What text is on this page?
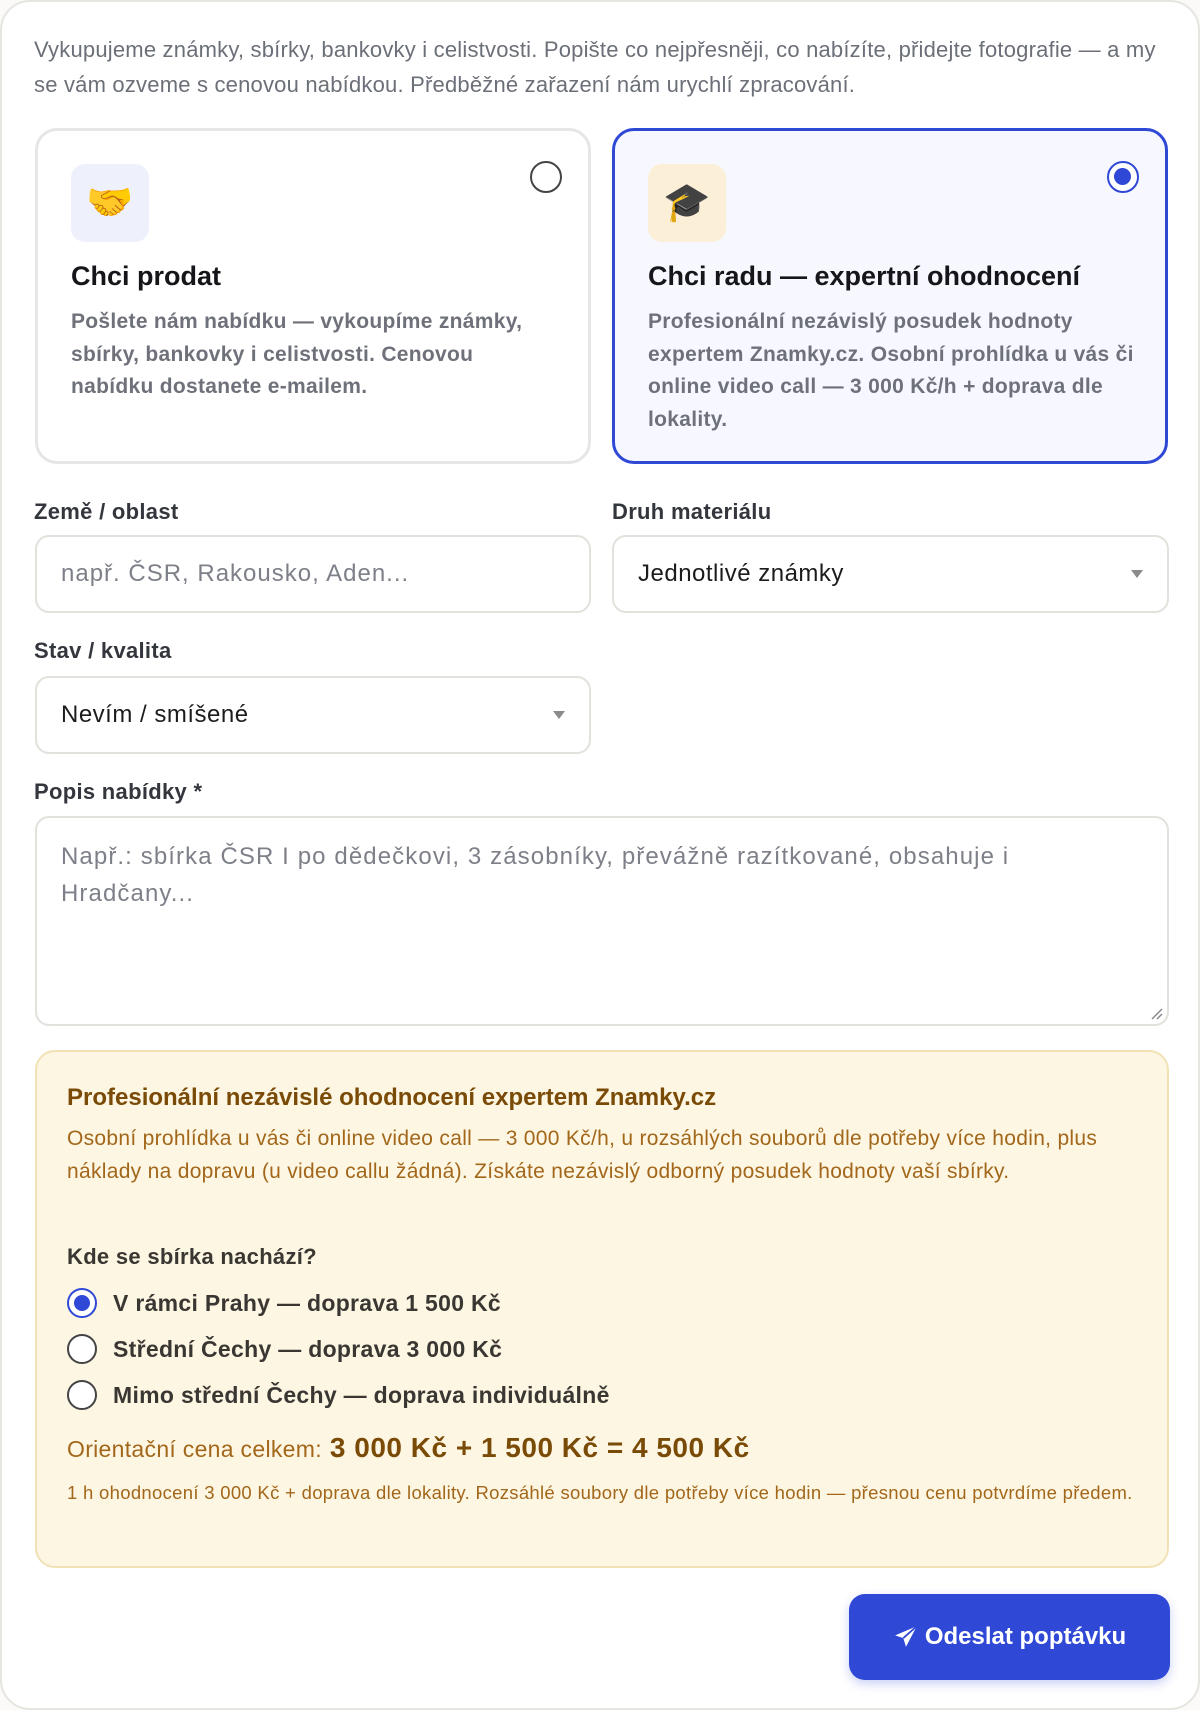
Vykupujeme známky, sbírky, bankovky i celistvosti. Popište co nejpřesněji, co nabízíte, přidejte fotografie — a my se vám ozveme s cenovou nabídkou. Předběžné zařazení nám urychlí zpracování.

🤝
Chci prodat
Pošlete nám nabídku — vykoupíme známky, sbírky, bankovky i celistvosti. Cenovou nabídku dostanete e-mailem.
🎓
Chci radu — expertní ohodnocení
Profesionální nezávislý posudek hodnoty expertem Znamky.cz. Osobní prohlídka u vás či online video call — 3 000 Kč/h + doprava dle lokality.
Země / oblast
např. ČSR, Rakousko, Aden...
Druh materiálu
Jednotlivé známky
Stav / kvalita
Nevím / smíšené
Popis nabídky *
Např.: sbírka ČSR I po dědečkovi, 3 zásobníky, převážně razítkované, obsahuje i Hradčany...
Profesionální nezávislé ohodnocení expertem Znamky.cz
Osobní prohlídka u vás či online video call — 3 000 Kč/h, u rozsáhlých souborů dle potřeby více hodin, plus náklady na dopravu (u video callu žádná). Získáte nezávislý odborný posudek hodnoty vaší sbírky.
Kde se sbírka nachází?
V rámci Prahy — doprava 1 500 Kč
Střední Čechy — doprava 3 000 Kč
Mimo střední Čechy — doprava individuálně
Orientační cena celkem: 3 000 Kč + 1 500 Kč = 4 500 Kč
1 h ohodnocení 3 000 Kč + doprava dle lokality. Rozsáhlé soubory dle potřeby více hodin — přesnou cenu potvrdíme předem.
Odeslat poptávku
